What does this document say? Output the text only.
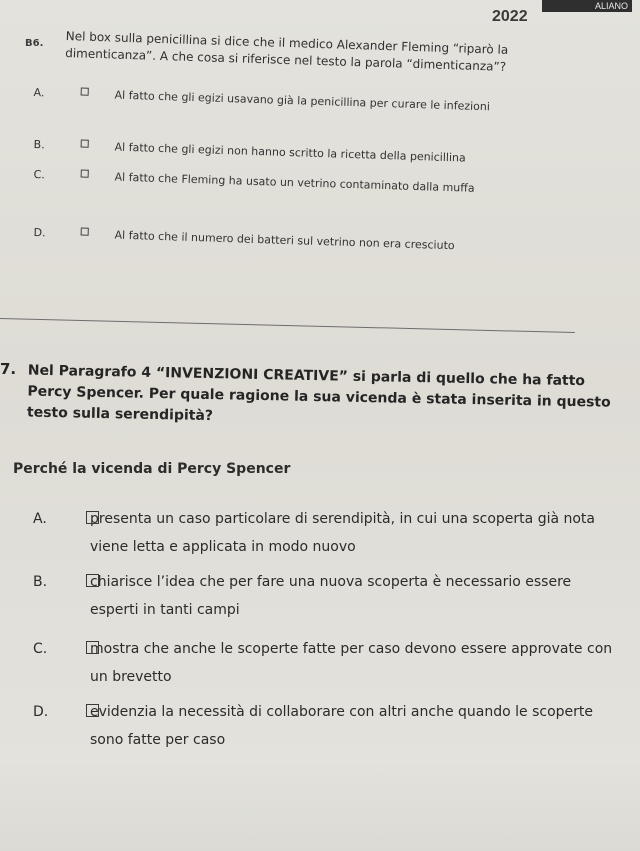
ALIANO
2022
B6. Nel box sulla penicillina si dice che il medico Alexander Fleming “riparò la dimenticanza”. A che cosa si riferisce nel testo la parola “dimenticanza”?
A.	Al fatto che gli egizi usavano già la penicillina per curare le infezioni
B.	Al fatto che gli egizi non hanno scritto la ricetta della penicillina
C.	Al fatto che Fleming ha usato un vetrino contaminato dalla muffa
D.	Al fatto che il numero dei batteri sul vetrino non era cresciuto
7. Nel Paragrafo 4 “INVENZIONI CREATIVE” si parla di quello che ha fatto Percy Spencer. Per quale ragione la sua vicenda è stata inserita in questo testo sulla serendipità?
Perché la vicenda di Percy Spencer
A.	presenta un caso particolare di serendipità, in cui una scoperta già nota viene letta e applicata in modo nuovo
B.	chiarisce l’idea che per fare una nuova scoperta è necessario essere esperti in tanti campi
C.	mostra che anche le scoperte fatte per caso devono essere approvate con un brevetto
D.	evidenzia la necessità di collaborare con altri anche quando le scoperte sono fatte per caso
